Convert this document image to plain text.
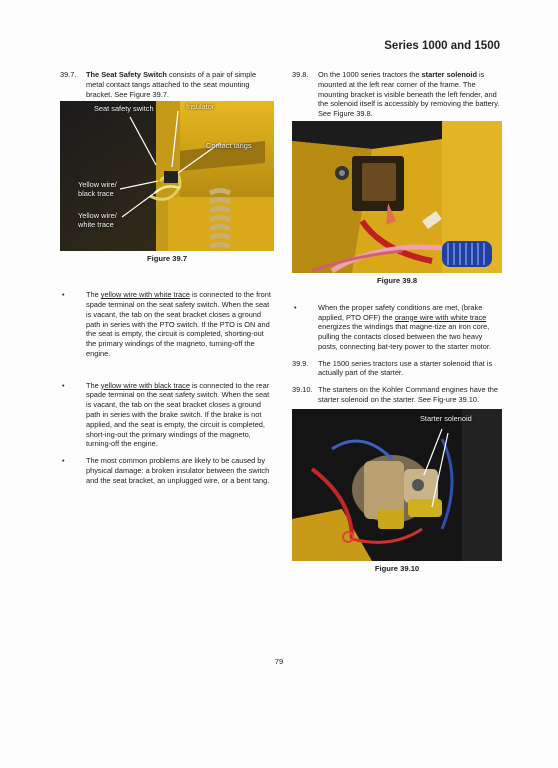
Series 1000 and 1500
39.7.	The Seat Safety Switch consists of a pair of simple metal contact tangs attached to the seat mounting bracket. See Figure 39.7.

Seat safety switch	Insulator
Contact tangs
Yellow wire/
black trace
Yellow wire/
white trace
Figure 39.7
•	The yellow wire with white trace is connected to the front spade terminal on the seat safety switch. When the seat is vacant, the tab on the seat bracket closes a ground path in series with the PTO switch. If the PTO is ON and the seat is empty, the circuit is completed, shorting-out the primary windings of the magneto, turning-off the engine.

•	The yellow wire with black trace is connected to the rear spade terminal on the seat safety switch. When the seat is vacant, the tab on the seat bracket closes a ground path in series with the brake switch. If the brake is not applied, and the seat is empty, the circuit is completed, short-ing-out the primary windings of the magneto, turning-off the engine.

•	The most common problems are likely to be caused by physical damage: a broken insulator between the switch and the seat bracket, an unplugged wire, or a bent tang.

39.8.	On the 1000 series tractors the starter solenoid is mounted at the left rear corner of the frame. The mounting bracket is visible beneath the left fender, and the solenoid itself is accessibly by removing the battery. See Figure 39.8.

Figure 39.8
•	When the proper safety conditions are met, (brake applied, PTO OFF) the orange wire with white trace energizes the windings that magne-tize an iron core, pulling the contacts closed between the two heavy posts, connecting bat-tery power to the starter motor.

39.9.	The 1500 series tractors use a starter solenoid that is actually part of the starter.

39.10. The starters on the Kohler Command engines have the starter solenoid on the starter. See Fig-ure 39.10.

Starter solenoid
Figure 39.10
79
